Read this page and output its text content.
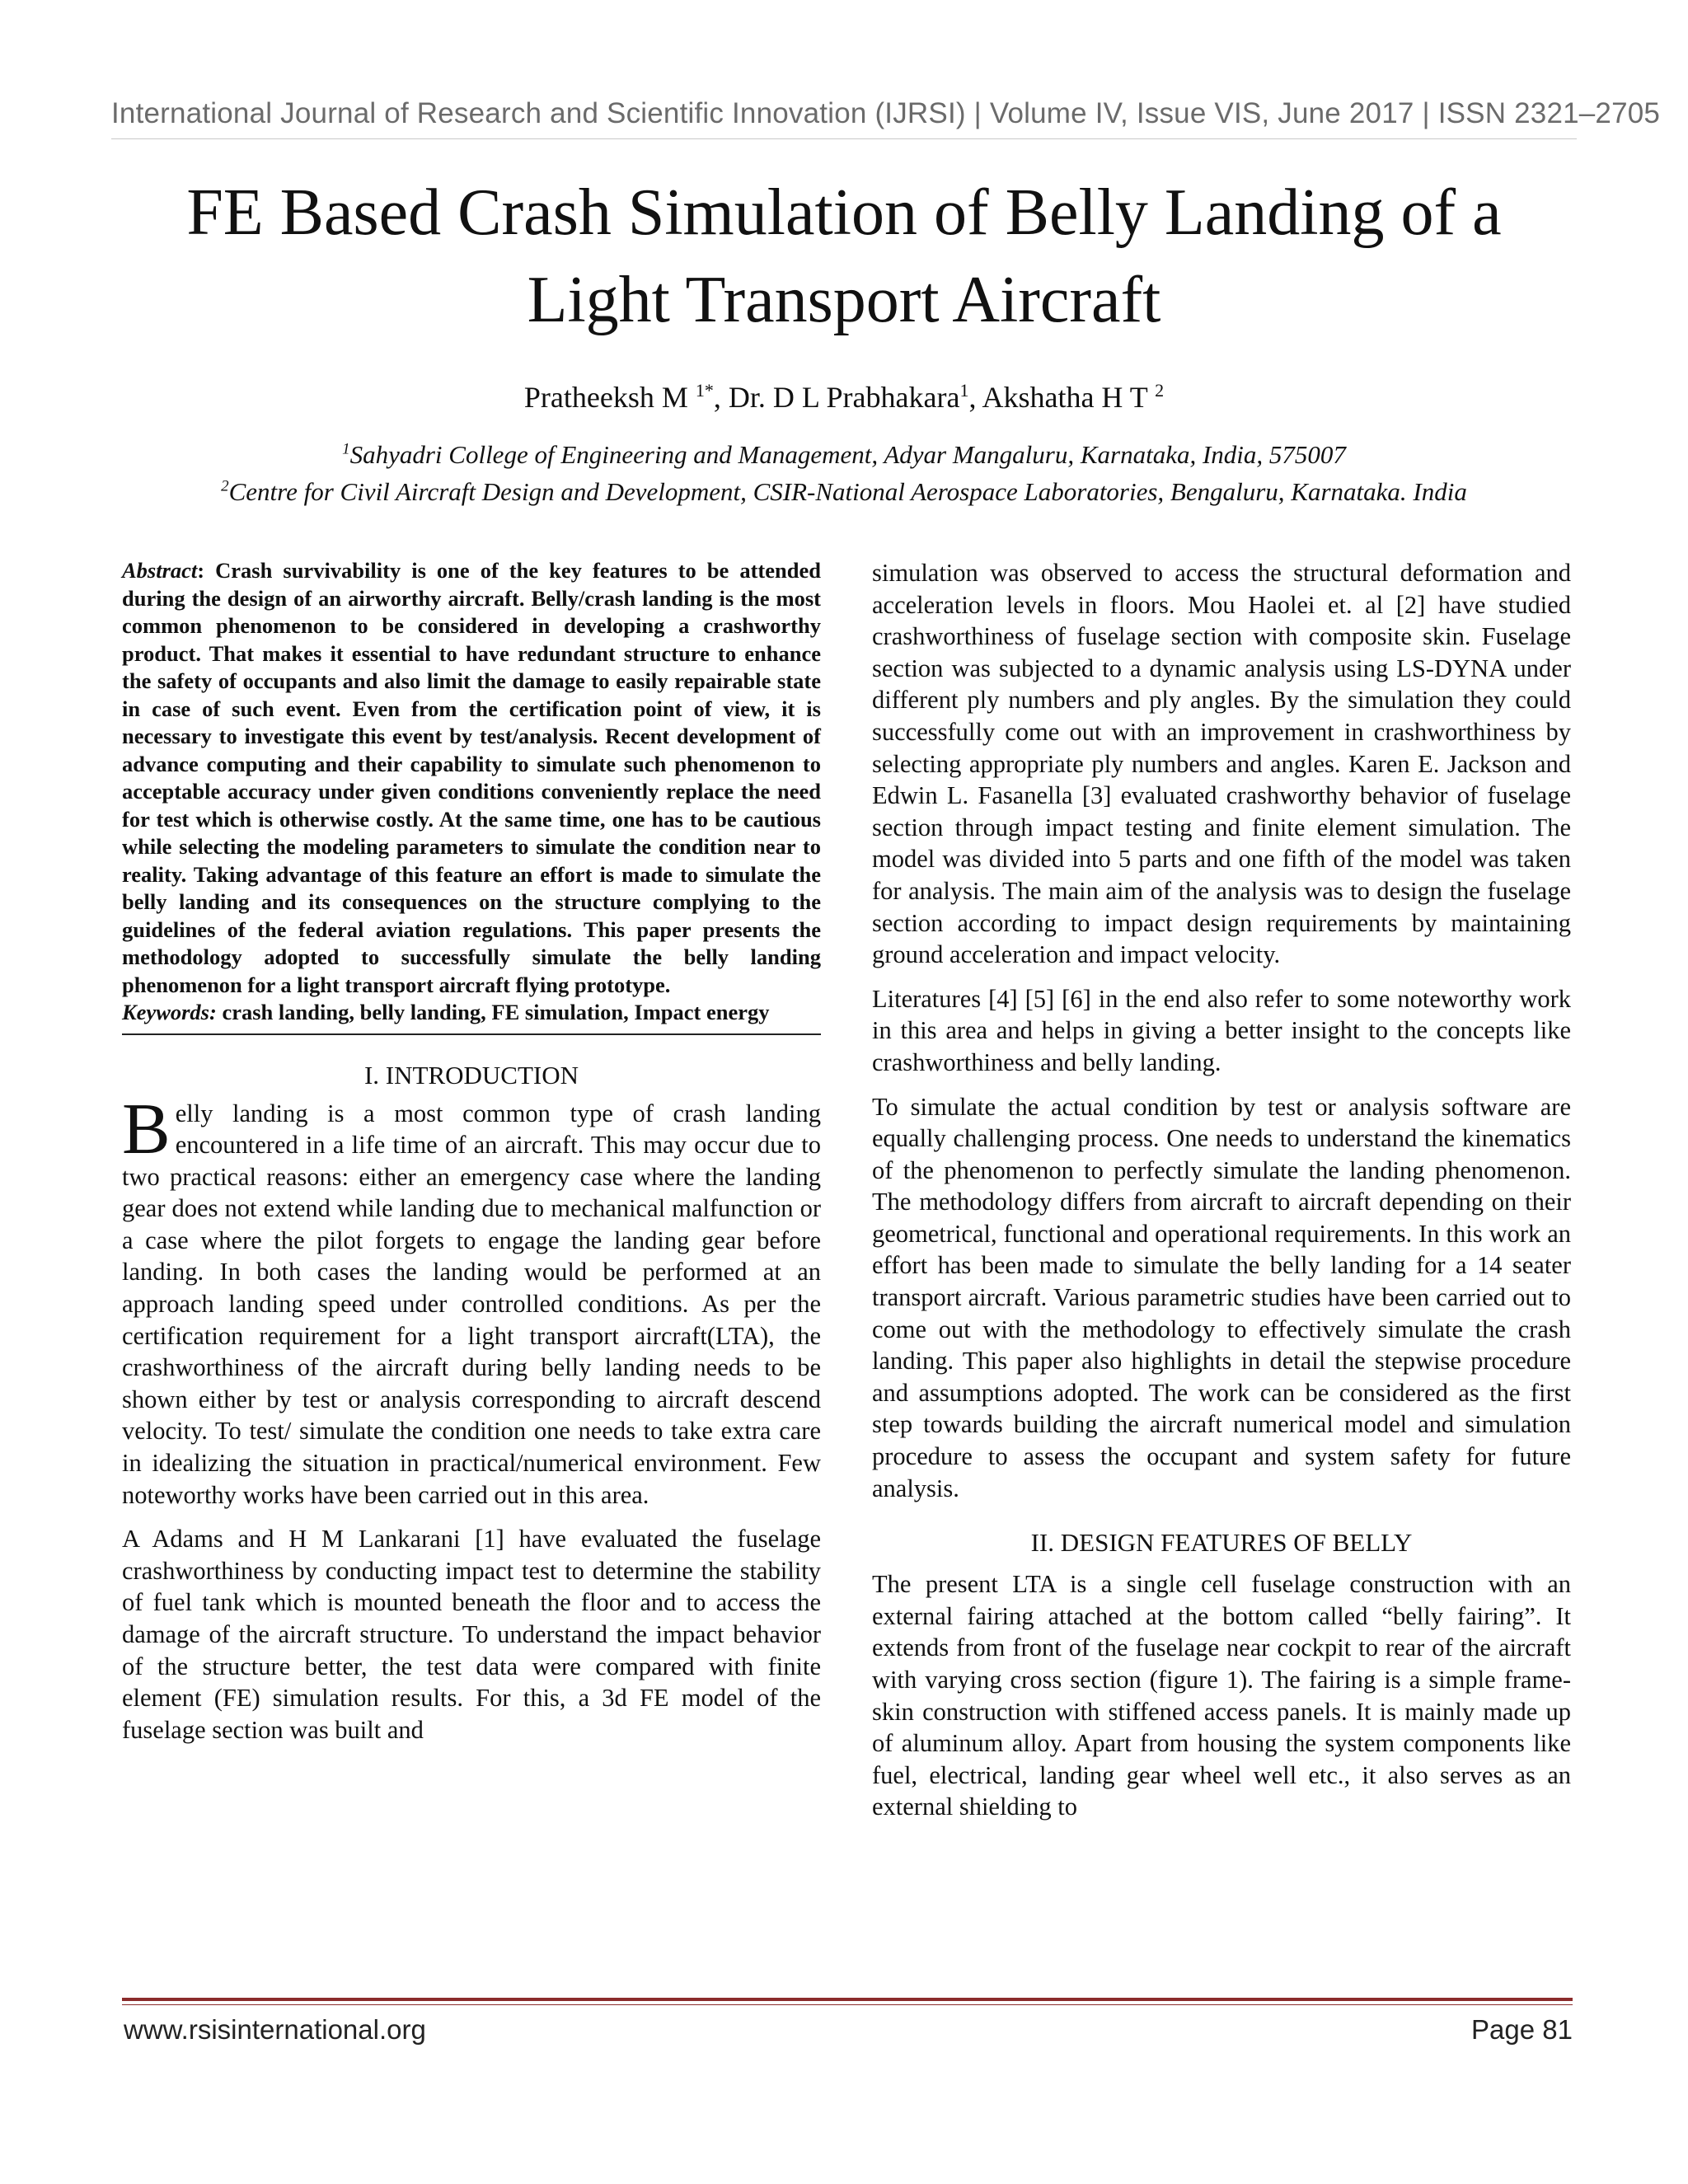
International Journal of Research and Scientific Innovation (IJRSI) | Volume IV, Issue VIS, June 2017 | ISSN 2321–2705
FE Based Crash Simulation of Belly Landing of a
Light Transport Aircraft
Pratheeksh M $^{1*}$, Dr. D L Prabhakara$^1$, Akshatha H T $^2$
$^1$Sahyadri College of Engineering and Management, Adyar Mangaluru, Karnataka, India, 575007
$^2$Centre for Civil Aircraft Design and Development, CSIR-National Aerospace Laboratories, Bengaluru, Karnataka. India

Abstract: Crash survivability is one of the key features to be attended during the design of an airworthy aircraft. Belly/crash landing is the most common phenomenon to be considered in developing a crashworthy product. That makes it essential to have redundant structure to enhance the safety of occupants and also limit the damage to easily repairable state in case of such event. Even from the certification point of view, it is necessary to investigate this event by test/analysis. Recent development of advance computing and their capability to simulate such phenomenon to acceptable accuracy under given conditions conveniently replace the need for test which is otherwise costly. At the same time, one has to be cautious while selecting the modeling parameters to simulate the condition near to reality. Taking advantage of this feature an effort is made to simulate the belly landing and its consequences on the structure complying to the guidelines of the federal aviation regulations. This paper presents the methodology adopted to successfully simulate the belly landing phenomenon for a light transport aircraft flying prototype.

Keywords: crash landing, belly landing, FE simulation, Impact energy

I. INTRODUCTION

Belly landing is a most common type of crash landing encountered in a life time of an aircraft. This may occur due to two practical reasons: either an emergency case where the landing gear does not extend while landing due to mechanical malfunction or a case where the pilot forgets to engage the landing gear before landing. In both cases the landing would be performed at an approach landing speed under controlled conditions. As per the certification requirement for a light transport aircraft(LTA), the crashworthiness of the aircraft during belly landing needs to be shown either by test or analysis corresponding to aircraft descend velocity. To test/ simulate the condition one needs to take extra care in idealizing the situation in practical/numerical environment. Few noteworthy works have been carried out in this area.

A Adams and H M Lankarani [1] have evaluated the fuselage crashworthiness by conducting impact test to determine the stability of fuel tank which is mounted beneath the floor and to access the damage of the aircraft structure. To understand the impact behavior of the structure better, the test data were compared with finite element (FE) simulation results. For this, a 3d FE model of the fuselage section was built and

simulation was observed to access the structural deformation and acceleration levels in floors. Mou Haolei et. al [2] have studied crashworthiness of fuselage section with composite skin. Fuselage section was subjected to a dynamic analysis using LS-DYNA under different ply numbers and ply angles. By the simulation they could successfully come out with an improvement in crashworthiness by selecting appropriate ply numbers and angles. Karen E. Jackson and Edwin L. Fasanella [3] evaluated crashworthy behavior of fuselage section through impact testing and finite element simulation. The model was divided into 5 parts and one fifth of the model was taken for analysis. The main aim of the analysis was to design the fuselage section according to impact design requirements by maintaining ground acceleration and impact velocity.

Literatures [4] [5] [6] in the end also refer to some noteworthy work in this area and helps in giving a better insight to the concepts like crashworthiness and belly landing.

To simulate the actual condition by test or analysis software are equally challenging process. One needs to understand the kinematics of the phenomenon to perfectly simulate the landing phenomenon. The methodology differs from aircraft to aircraft depending on their geometrical, functional and operational requirements. In this work an effort has been made to simulate the belly landing for a 14 seater transport aircraft. Various parametric studies have been carried out to come out with the methodology to effectively simulate the crash landing. This paper also highlights in detail the stepwise procedure and assumptions adopted. The work can be considered as the first step towards building the aircraft numerical model and simulation procedure to assess the occupant and system safety for future analysis.

II. DESIGN FEATURES OF BELLY

The present LTA is a single cell fuselage construction with an external fairing attached at the bottom called “belly fairing”. It extends from front of the fuselage near cockpit to rear of the aircraft with varying cross section (figure 1). The fairing is a simple frame- skin construction with stiffened access panels. It is mainly made up of aluminum alloy. Apart from housing the system components like fuel, electrical, landing gear wheel well etc., it also serves as an external shielding to

www.rsisinternational.org	Page 81
